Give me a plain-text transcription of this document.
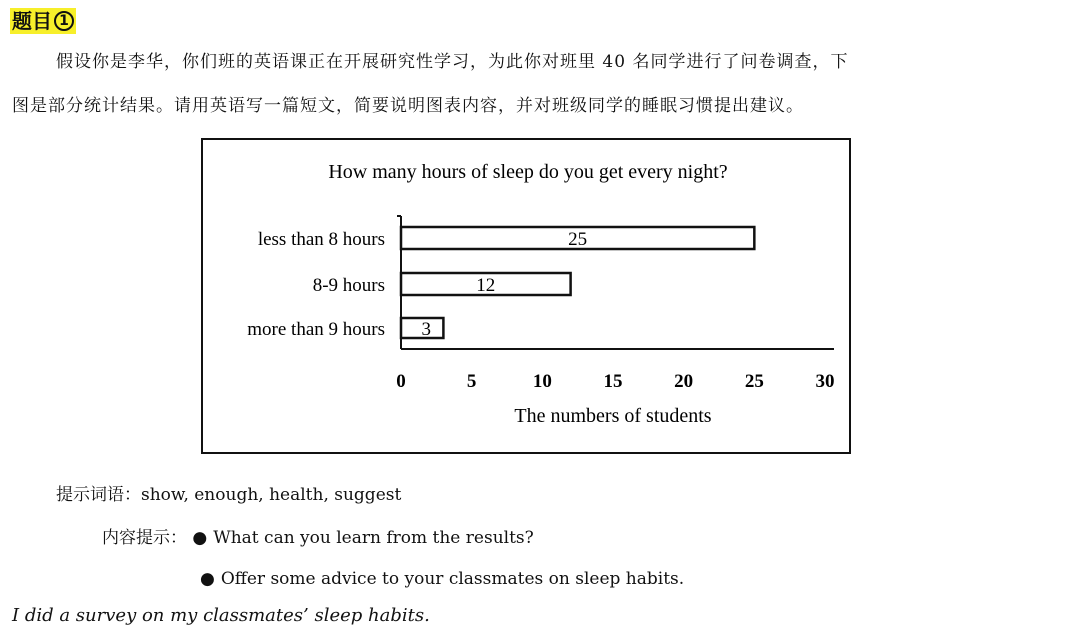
题目 1
假设你是李华，你们班的英语课正在开展研究性学习，为此你对班里 40 名同学进行了问卷调查，下
图是部分统计结果。请用英语写一篇短文，简要说明图表内容，并对班级同学的睡眠习惯提出建议。
How many hours of sleep do you get every night?
25
12
3
less than 8 hours
8-9 hours
more than 9 hours
0	5	10	15	20	25	30
The numbers of students
提示词语：show, enough, health, suggest
内容提示： ● What can you learn from the results?
● Offer some advice to your classmates on sleep habits.
I did a survey on my classmates’ sleep habits.
